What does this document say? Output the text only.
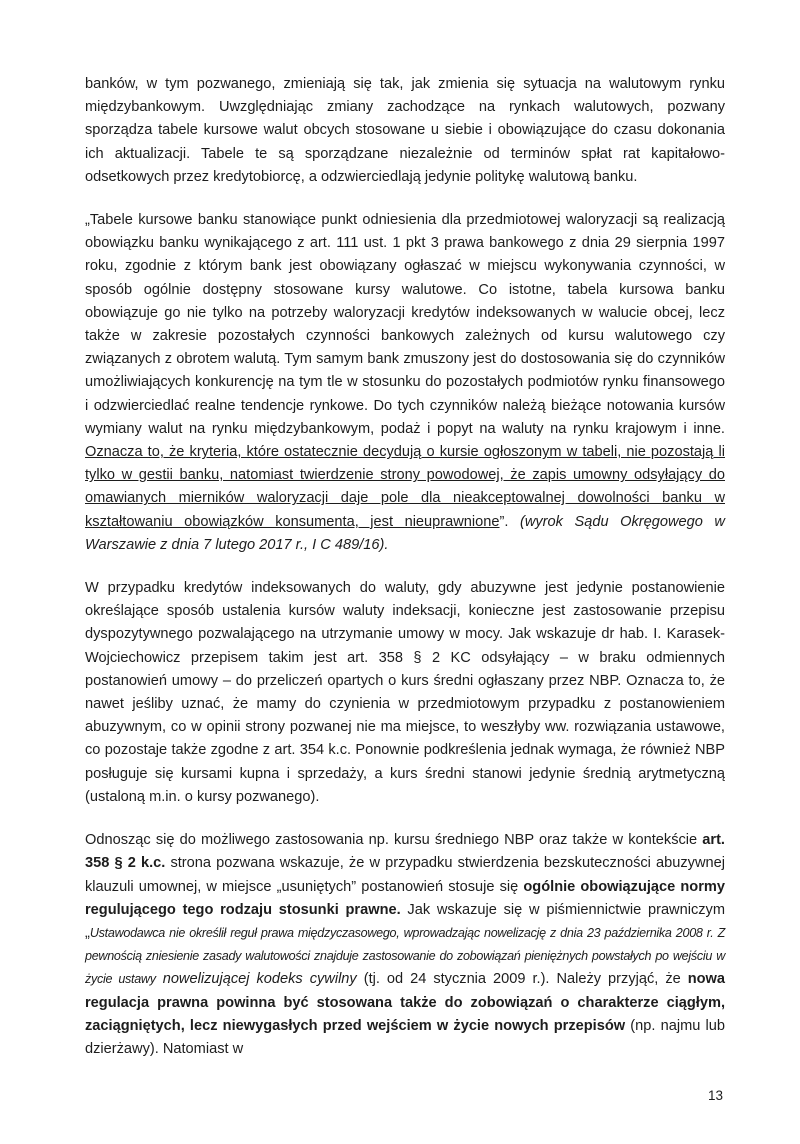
banków, w tym pozwanego, zmieniają się tak, jak zmienia się sytuacja na walutowym rynku międzybankowym. Uwzględniając zmiany zachodzące na rynkach walutowych, pozwany sporządza tabele kursowe walut obcych stosowane u siebie i obowiązujące do czasu dokonania ich aktualizacji. Tabele te są sporządzane niezależnie od terminów spłat rat kapitałowo- odsetkowych przez kredytobiorcę, a odzwierciedlają jedynie politykę walutową banku.

„Tabele kursowe banku stanowiące punkt odniesienia dla przedmiotowej waloryzacji są realizacją obowiązku banku wynikającego z art. 111 ust. 1 pkt 3 prawa bankowego z dnia 29 sierpnia 1997 roku, zgodnie z którym bank jest obowiązany ogłaszać w miejscu wykonywania czynności, w sposób ogólnie dostępny stosowane kursy walutowe. Co istotne, tabela kursowa banku obowiązuje go nie tylko na potrzeby waloryzacji kredytów indeksowanych w walucie obcej, lecz także w zakresie pozostałych czynności bankowych zależnych od kursu walutowego czy związanych z obrotem walutą. Tym samym bank zmuszony jest do dostosowania się do czynników umożliwiających konkurencję na tym tle w stosunku do pozostałych podmiotów rynku finansowego i odzwierciedlać realne tendencje rynkowe. Do tych czynników należą bieżące notowania kursów wymiany walut na rynku międzybankowym, podaż i popyt na waluty na rynku krajowym i inne. Oznacza to, że kryteria, które ostatecznie decydują o kursie ogłoszonym w tabeli, nie pozostają li tylko w gestii banku, natomiast twierdzenie strony powodowej, że zapis umowny odsyłający do omawianych mierników waloryzacji daje pole dla nieakceptowalnej dowolności banku w kształtowaniu obowiązków konsumenta, jest nieuprawnione”. (wyrok Sądu Okręgowego w Warszawie z dnia 7 lutego 2017 r., I C 489/16).

W przypadku kredytów indeksowanych do waluty, gdy abuzywne jest jedynie postanowienie określające sposób ustalenia kursów waluty indeksacji, konieczne jest zastosowanie przepisu dyspozytywnego pozwalającego na utrzymanie umowy w mocy. Jak wskazuje dr hab. I. Karasek-Wojciechowicz przepisem takim jest art. 358 § 2 KC odsyłający – w braku odmiennych postanowień umowy – do przeliczeń opartych o kurs średni ogłaszany przez NBP. Oznacza to, że nawet jeśliby uznać, że mamy do czynienia w przedmiotowym przypadku z postanowieniem abuzywnym, co w opinii strony pozwanej nie ma miejsce, to weszłyby ww. rozwiązania ustawowe, co pozostaje także zgodne z art. 354 k.c. Ponownie podkreślenia jednak wymaga, że również NBP posługuje się kursami kupna i sprzedaży, a kurs średni stanowi jedynie średnią arytmetyczną (ustaloną m.in. o kursy pozwanego).

Odnosząc się do możliwego zastosowania np. kursu średniego NBP oraz także w kontekście art. 358 § 2 k.c. strona pozwana wskazuje, że w przypadku stwierdzenia bezskuteczności abuzywnej klauzuli umownej, w miejsce „usuniętych” postanowień stosuje się ogólnie obowiązujące normy regulującego tego rodzaju stosunki prawne. Jak wskazuje się w piśmiennictwie prawniczym „Ustawodawca nie określił reguł prawa międzyczasowego, wprowadzając nowelizację z dnia 23 października 2008 r. Z pewnością zniesienie zasady walutowości znajduje zastosowanie do zobowiązań pieniężnych powstałych po wejściu w życie ustawy nowelizującej kodeks cywilny (tj. od 24 stycznia 2009 r.). Należy przyjąć, że nowa regulacja prawna powinna być stosowana także do zobowiązań o charakterze ciągłym, zaciągniętych, lecz niewygasłych przed wejściem w życie nowych przepisów (np. najmu lub dzierżawy). Natomiast w

13
